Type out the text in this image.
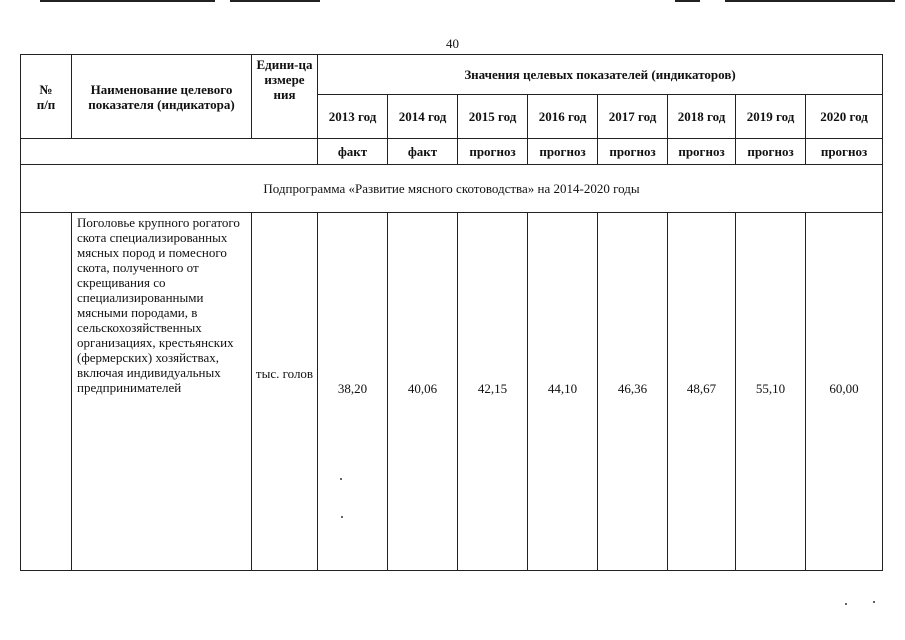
40
№
п/п	Наименование целевого показателя (индикатора)	Едини-ца измере ния	Значения целевых показателей (индикаторов)							
			2013 год	2014 год	2015 год	2016 год	2017 год	2018 год	2019 год	2020 год
			факт	факт	прогноз	прогноз	прогноз	прогноз	прогноз	прогноз
Подпрограмма «Развитие мясного скотоводства» на 2014-2020 годы										
	Поголовье крупного рогатого скота специализированных мясных пород и помесного скота, полученного от скрещивания со специализированными мясными породами, в сельскохозяйственных организациях, крестьянских (фермерских) хозяйствах, включая индивидуальных предпринимателей	тыс. голов	38,20	40,06	42,15	44,10	46,36	48,67	55,10	60,00
